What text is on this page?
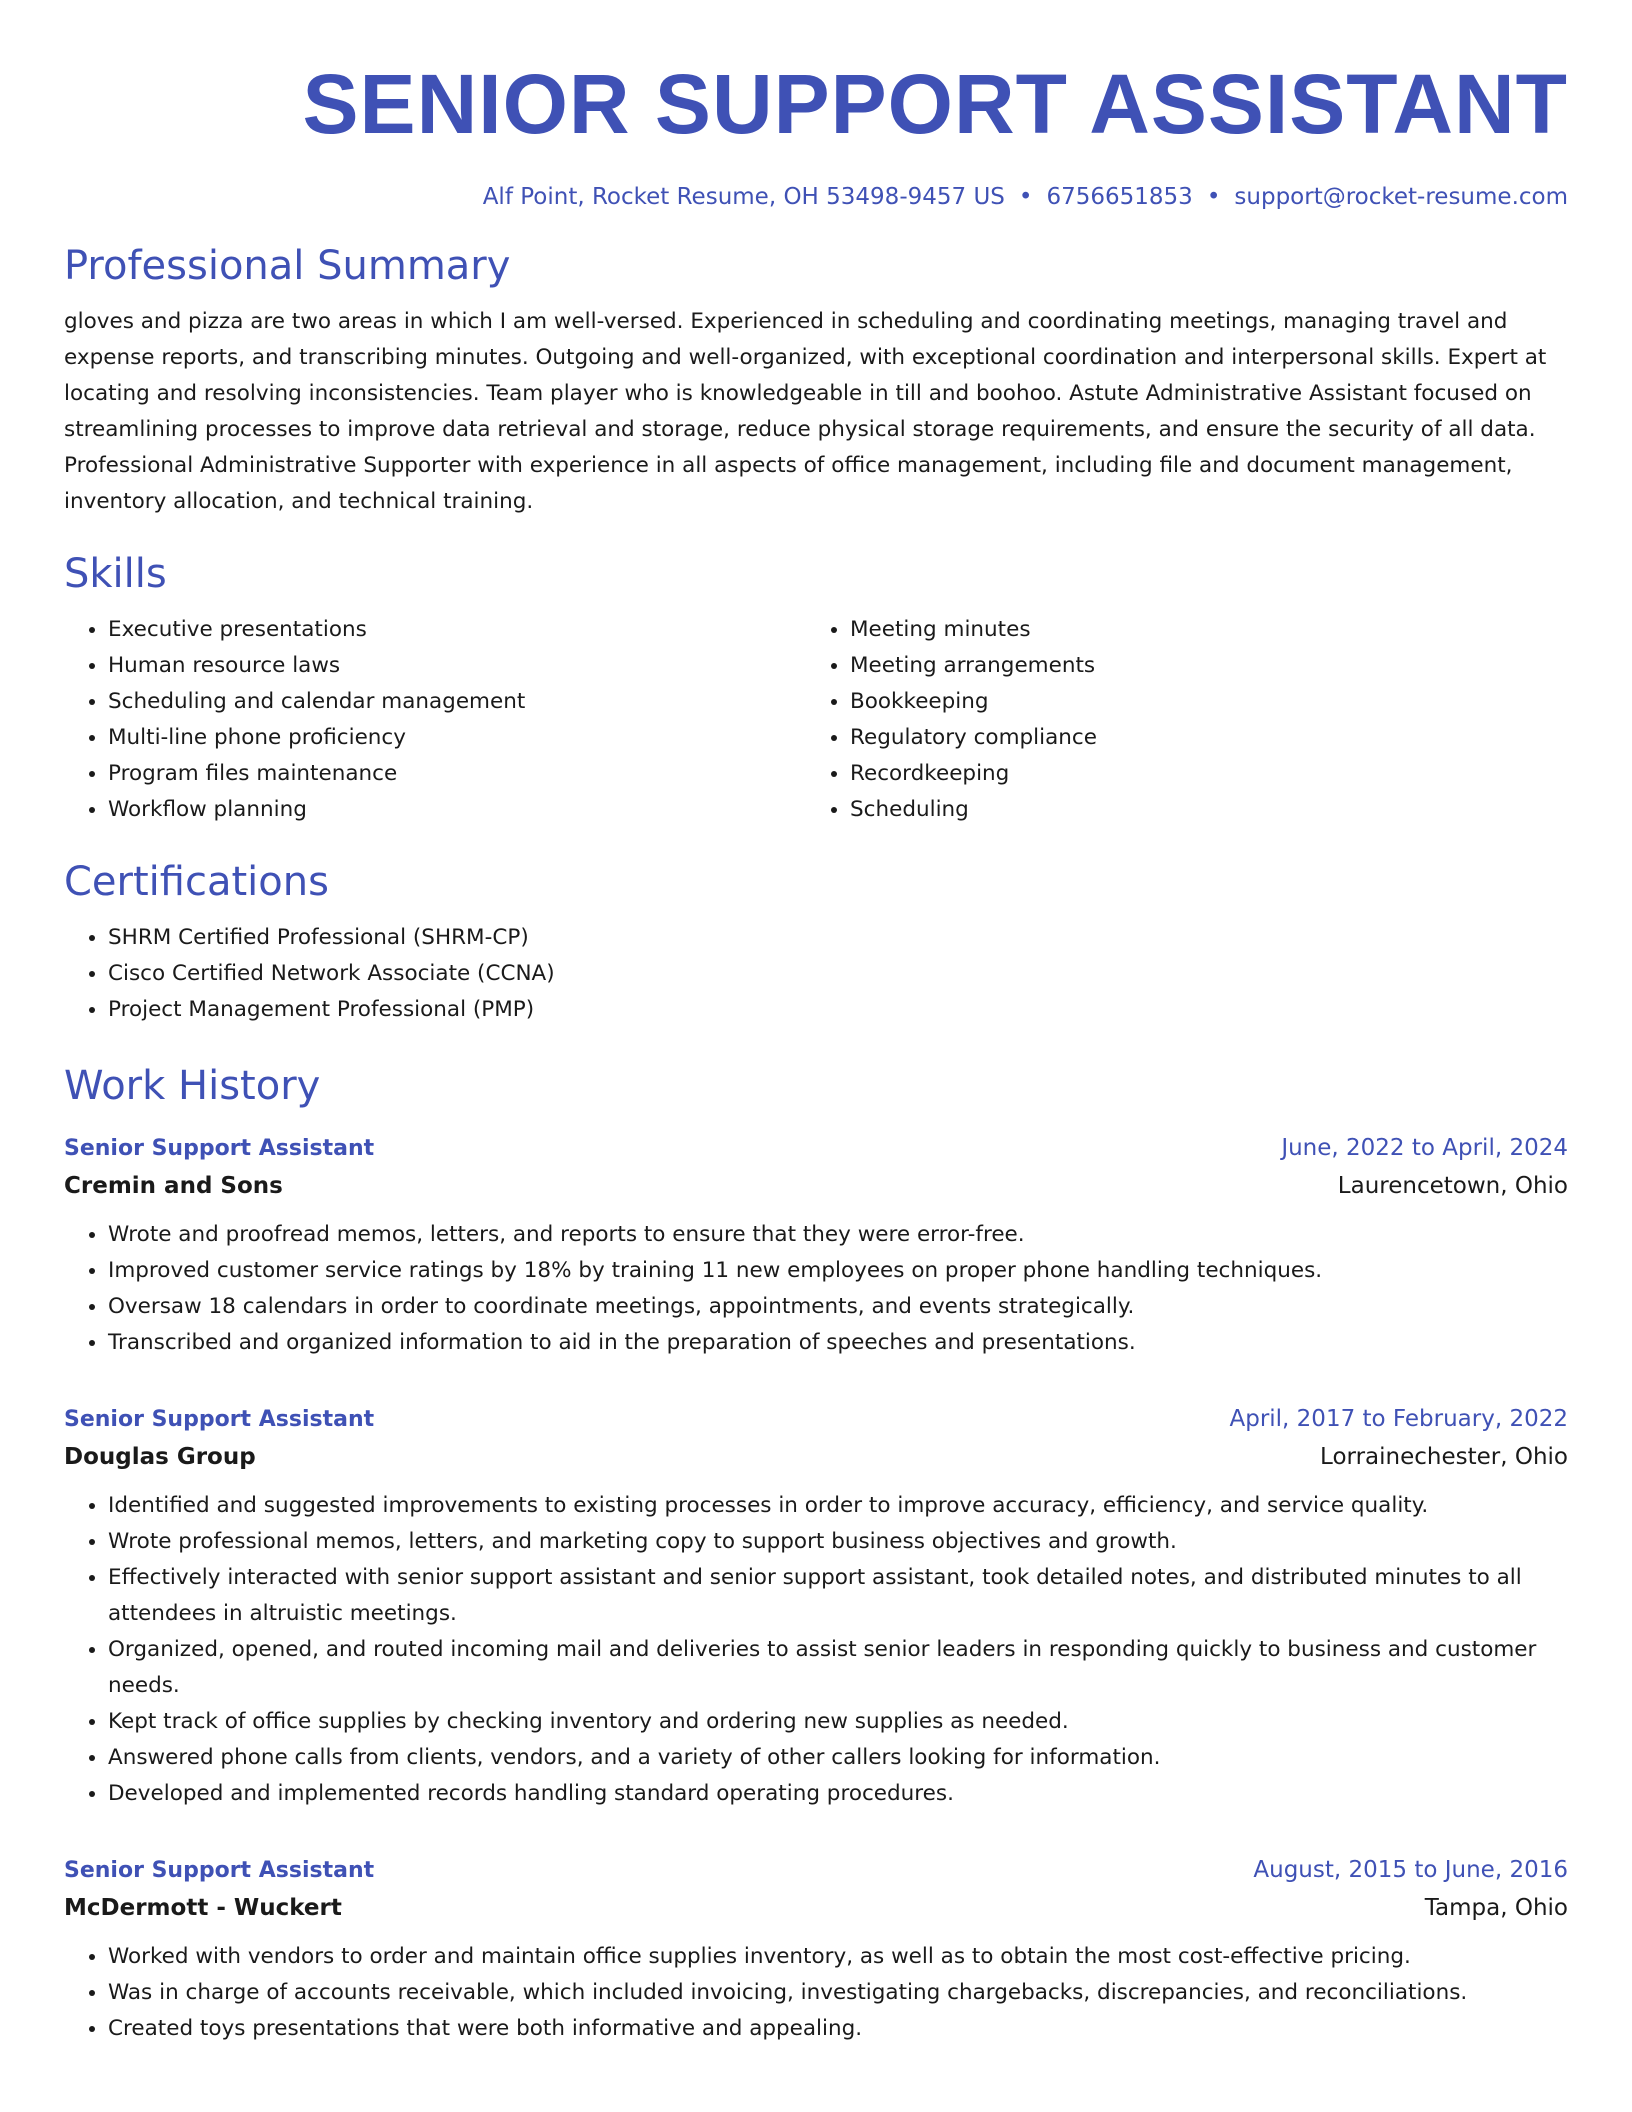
SENIOR SUPPORT ASSISTANT
Alf Point, Rocket Resume, OH 53498-9457 US • 6756651853 • support@rocket-resume.com
Professional Summary
gloves and pizza are two areas in which I am well-versed. Experienced in scheduling and coordinating meetings, managing travel and expense reports, and transcribing minutes. Outgoing and well-organized, with exceptional coordination and interpersonal skills. Expert at locating and resolving inconsistencies. Team player who is knowledgeable in till and boohoo. Astute Administrative Assistant focused on streamlining processes to improve data retrieval and storage, reduce physical storage requirements, and ensure the security of all data. Professional Administrative Supporter with experience in all aspects of office management, including file and document management, inventory allocation, and technical training.
Skills
• Executive presentations
• Human resource laws
• Scheduling and calendar management
• Multi-line phone proficiency
• Program files maintenance
• Workflow planning
• Meeting minutes
• Meeting arrangements
• Bookkeeping
• Regulatory compliance
• Recordkeeping
• Scheduling
Certifications
• SHRM Certified Professional (SHRM-CP)
• Cisco Certified Network Associate (CCNA)
• Project Management Professional (PMP)
Work History
Senior Support Assistant	June, 2022 to April, 2024
Cremin and Sons	Laurencetown, Ohio
• Wrote and proofread memos, letters, and reports to ensure that they were error-free.
• Improved customer service ratings by 18% by training 11 new employees on proper phone handling techniques.
• Oversaw 18 calendars in order to coordinate meetings, appointments, and events strategically.
• Transcribed and organized information to aid in the preparation of speeches and presentations.
Senior Support Assistant	April, 2017 to February, 2022
Douglas Group	Lorrainechester, Ohio
• Identified and suggested improvements to existing processes in order to improve accuracy, efficiency, and service quality.
• Wrote professional memos, letters, and marketing copy to support business objectives and growth.
• Effectively interacted with senior support assistant and senior support assistant, took detailed notes, and distributed minutes to all attendees in altruistic meetings.
• Organized, opened, and routed incoming mail and deliveries to assist senior leaders in responding quickly to business and customer needs.
• Kept track of office supplies by checking inventory and ordering new supplies as needed.
• Answered phone calls from clients, vendors, and a variety of other callers looking for information.
• Developed and implemented records handling standard operating procedures.
Senior Support Assistant	August, 2015 to June, 2016
McDermott - Wuckert	Tampa, Ohio
• Worked with vendors to order and maintain office supplies inventory, as well as to obtain the most cost-effective pricing.
• Was in charge of accounts receivable, which included invoicing, investigating chargebacks, discrepancies, and reconciliations.
• Created toys presentations that were both informative and appealing.
